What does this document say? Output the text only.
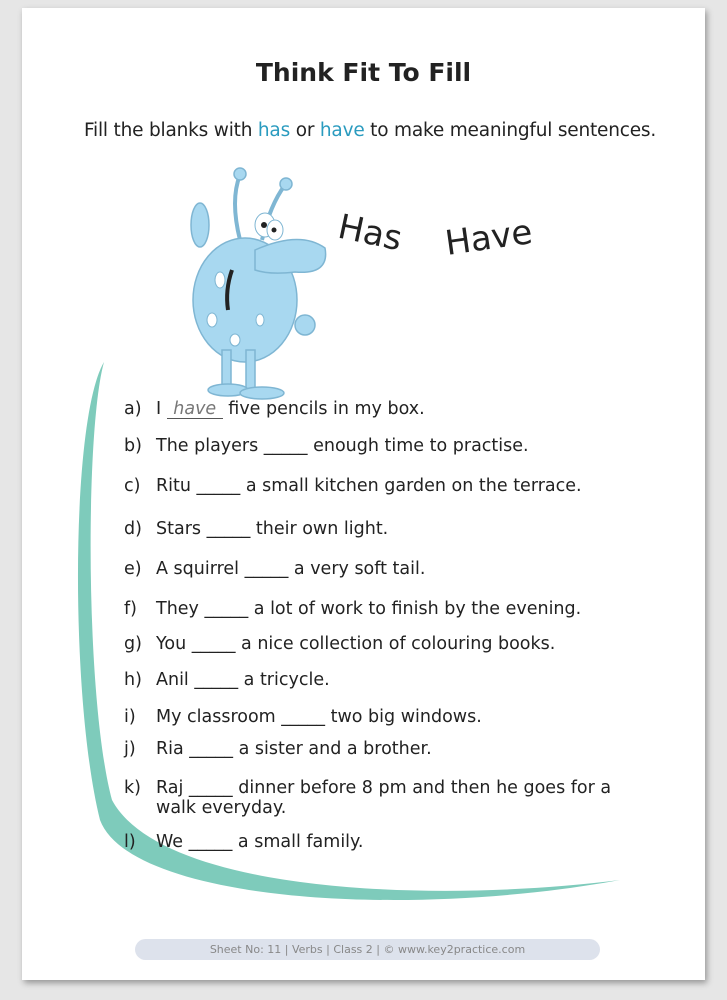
Think Fit To Fill
Fill the blanks with has or have to make meaningful sentences.
Has Have
a) I have five pencils in my box.
b) The players _____ enough time to practise.
c) Ritu _____ a small kitchen garden on the terrace.
d) Stars _____ their own light.
e) A squirrel _____ a very soft tail.
f) They _____ a lot of work to finish by the evening.
g) You _____ a nice collection of colouring books.
h) Anil _____ a tricycle.
i) My classroom _____ two big windows.
j) Ria _____ a sister and a brother.
k) Raj _____ dinner before 8 pm and then he goes for a
walk everyday.
l) We _____ a small family.
Sheet No: 11 | Verbs | Class 2 | © www.key2practice.com
